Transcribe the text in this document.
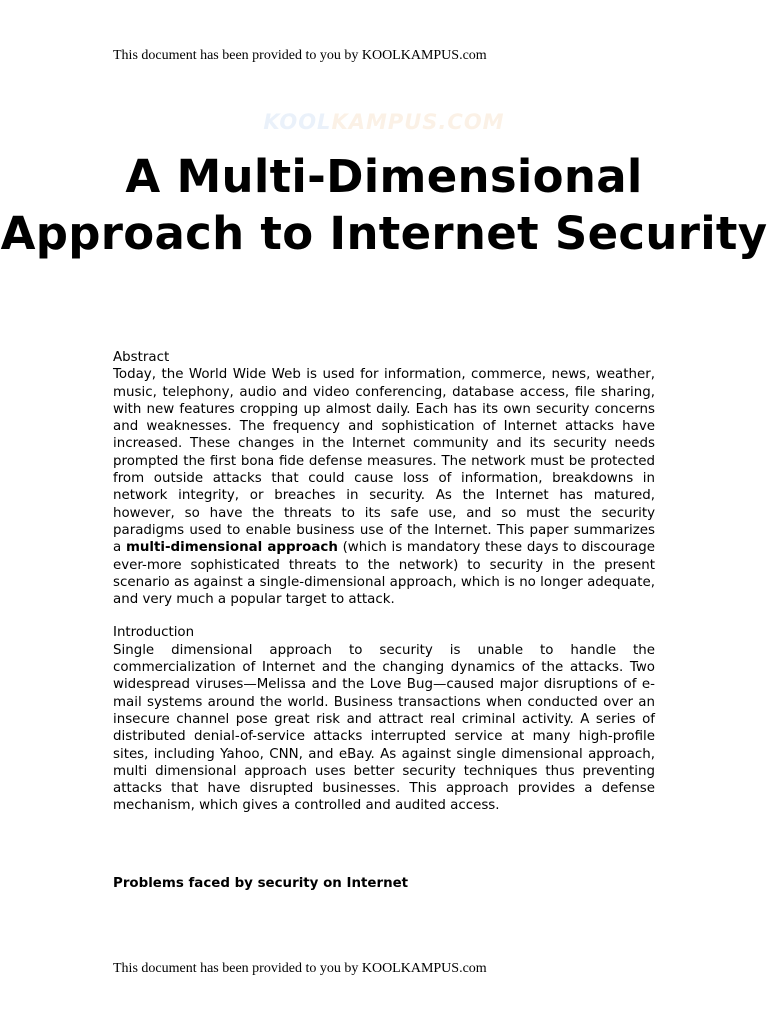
This document has been provided to you by KOOLKAMPUS.com
KOOLKAMPUS.COM
A Multi-Dimensional Approach to Internet Security
Abstract

Today, the World Wide Web is used for information, commerce, news, weather, music, telephony, audio and video conferencing, database access, file sharing, with new features cropping up almost daily. Each has its own security concerns and weaknesses. The frequency and sophistication of Internet attacks have increased. These changes in the Internet community and its security needs prompted the first bona fide defense measures. The network must be protected from outside attacks that could cause loss of information, breakdowns in network integrity, or breaches in security. As the Internet has matured, however, so have the threats to its safe use, and so must the security paradigms used to enable business use of the Internet. This paper summarizes a multi-dimensional approach (which is mandatory these days to discourage ever-more sophisticated threats to the network) to security in the present scenario as against a single-dimensional approach, which is no longer adequate, and very much a popular target to attack.

Introduction

Single dimensional approach to security is unable to handle the commercialization of Internet and the changing dynamics of the attacks. Two widespread viruses—Melissa and the Love Bug—caused major disruptions of e-mail systems around the world. Business transactions when conducted over an insecure channel pose great risk and attract real criminal activity. A series of distributed denial-of-service attacks interrupted service at many high-profile sites, including Yahoo, CNN, and eBay. As against single dimensional approach, multi dimensional approach uses better security techniques thus preventing attacks that have disrupted businesses. This approach provides a defense mechanism, which gives a controlled and audited access.

Problems faced by security on Internet
This document has been provided to you by KOOLKAMPUS.com
